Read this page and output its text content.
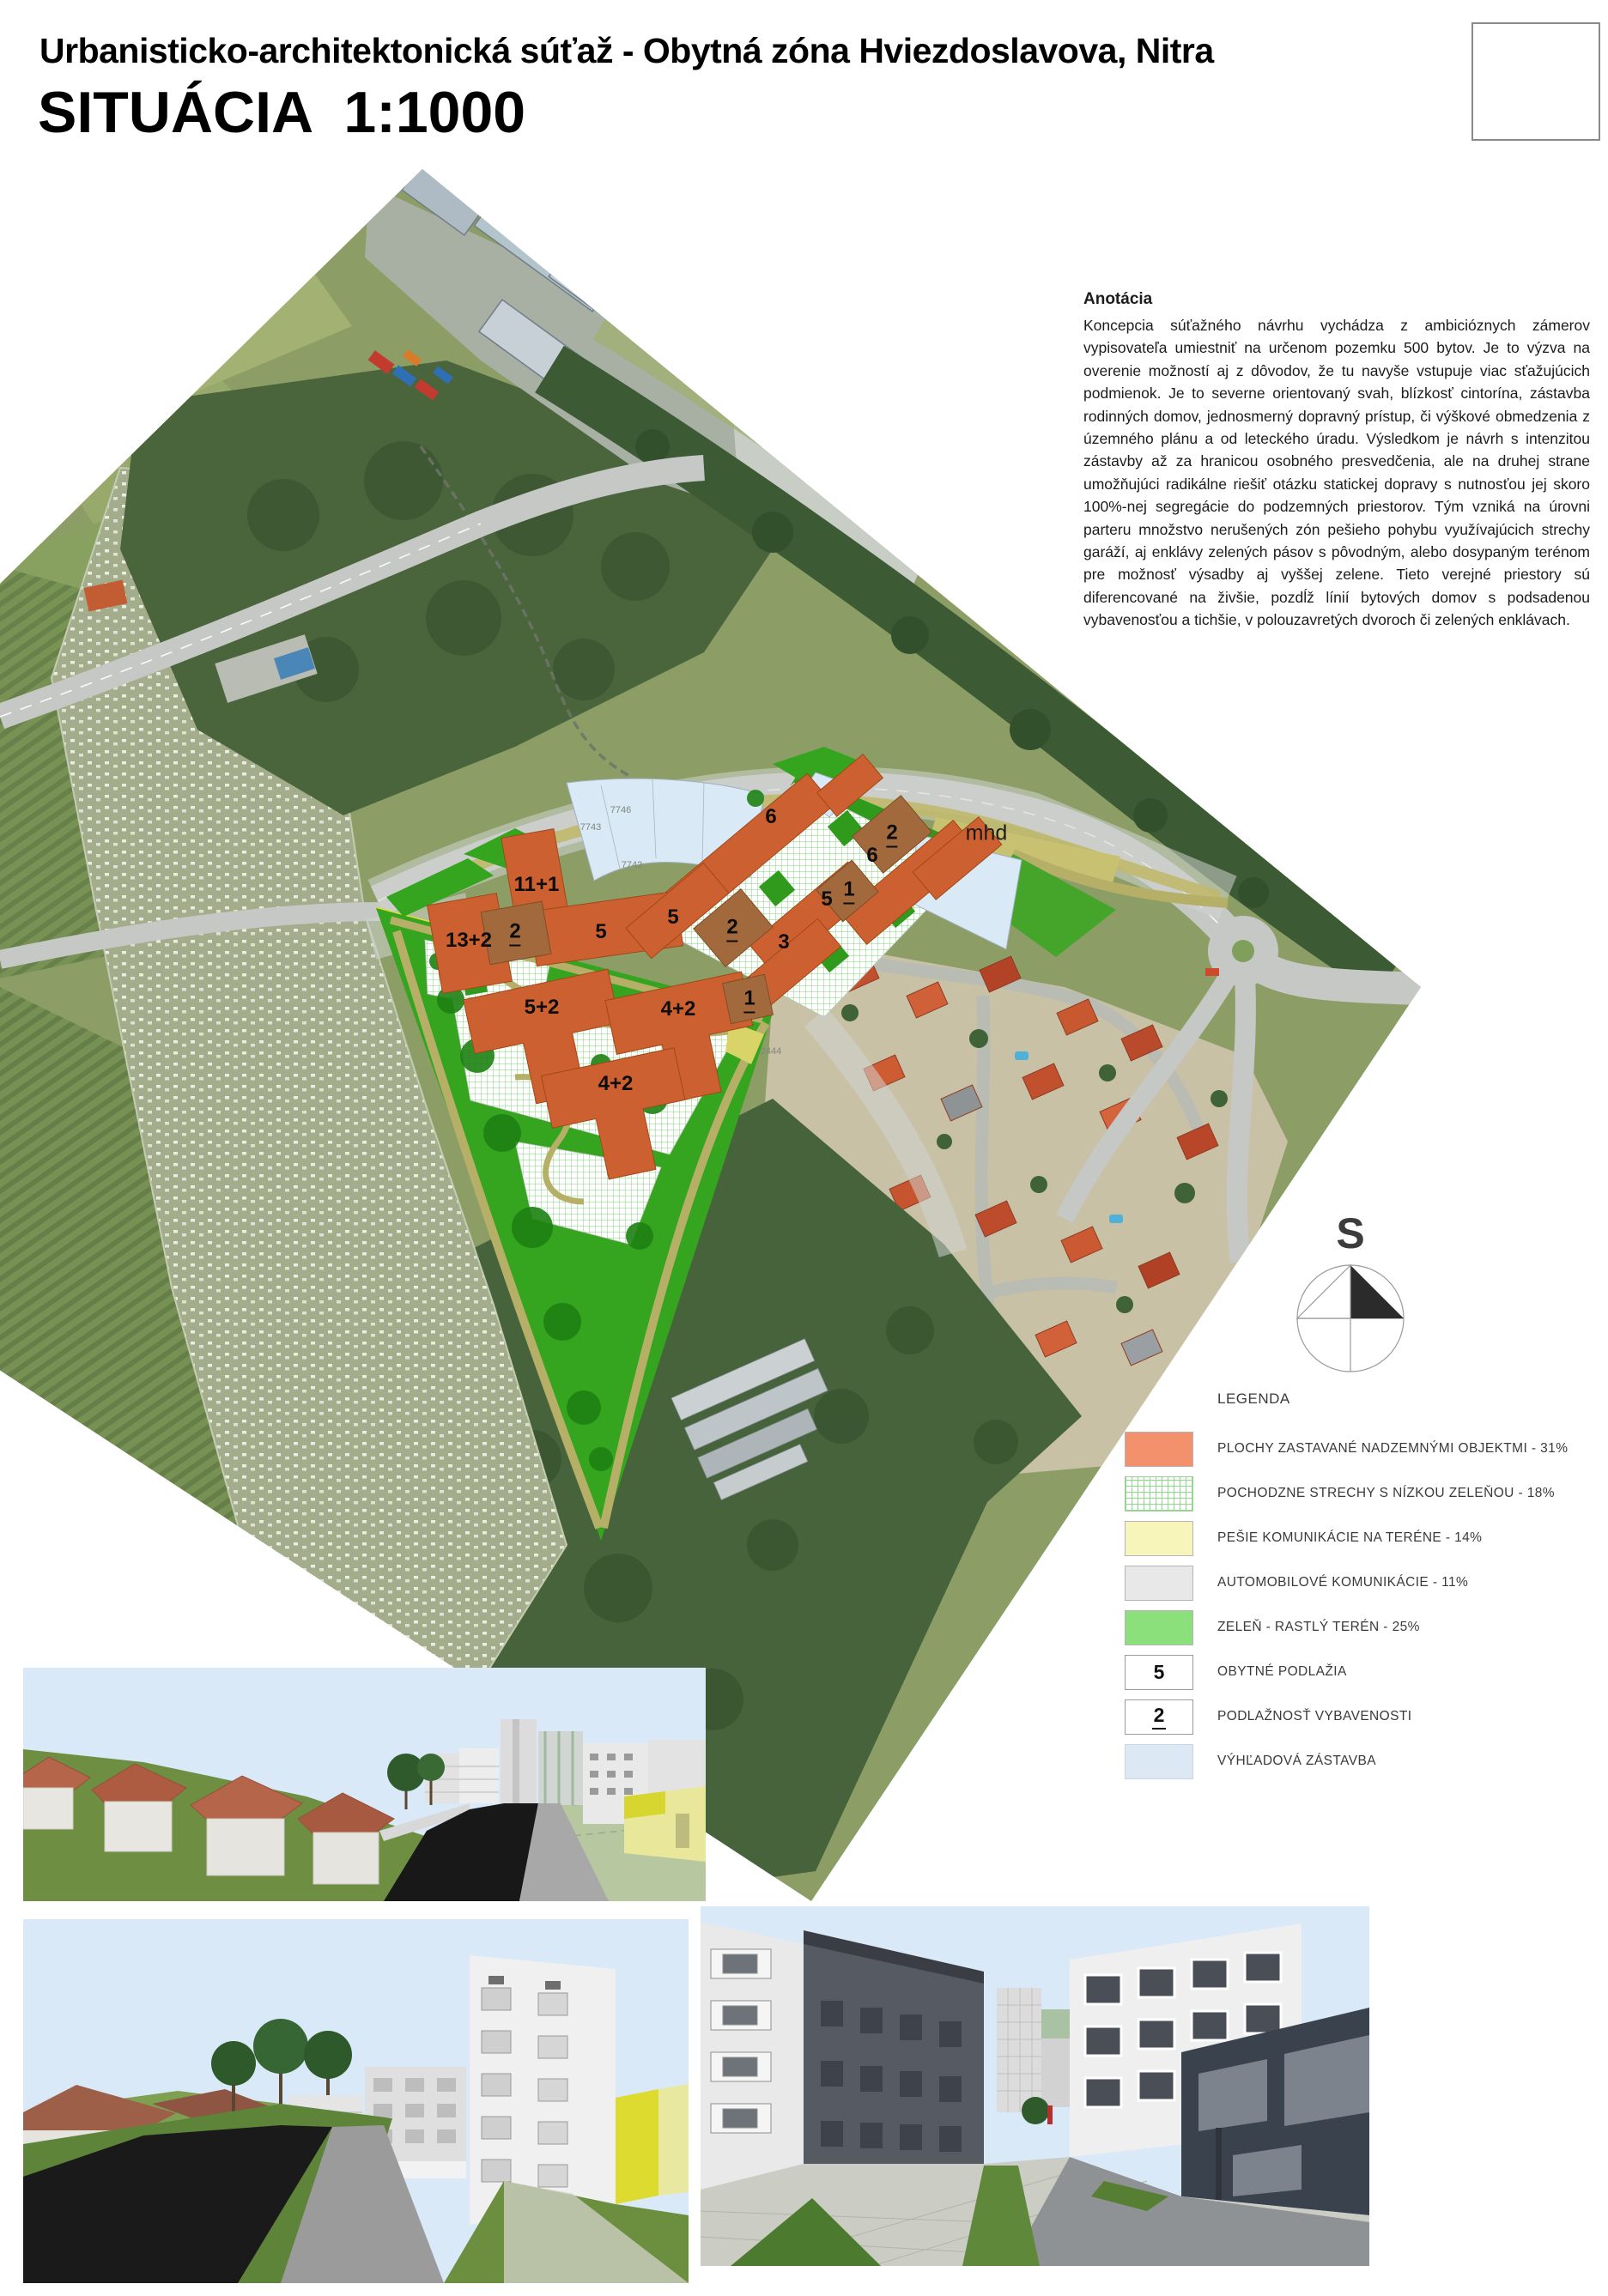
11+1
2
13+2	5
5
6
2
6
1
5
2
3
5+2	4+2 1
4+2
mhd
7746
7743
7742
2444
Urbanisticko-architektonická súťaž - Obytná zóna Hviezdoslavova, Nitra
SITUÁCIA  1:1000
Anotácia

Koncepcia súťažného návrhu vychádza z ambicióznych zámerov vypisovateľa umiestniť na určenom pozemku 500 bytov. Je to výzva na overenie možností aj z dôvodov, že tu navyše vstupuje viac sťažujúcich podmienok. Je to severne orientovaný svah, blízkosť cintorína, zástavba rodinných domov, jednosmerný dopravný prístup, či výškové obmedzenia z územného plánu a od leteckého úradu. Výsledkom je návrh s intenzitou zástavby až za hranicou osobného presvedčenia, ale na druhej strane umožňujúci radikálne riešiť otázku statickej dopravy s nutnosťou jej skoro 100%-nej segregácie do podzemných priestorov. Tým vzniká na úrovni parteru množstvo nerušených zón pešieho pohybu využívajúcich strechy garáží, aj enklávy zelených pásov s pôvodným, alebo dosypaným terénom pre možnosť výsadby aj vyššej zelene. Tieto verejné priestory sú diferencované na živšie, pozdĺž línií bytových domov s podsadenou vybavenosťou a tichšie, v polouzavretých dvoroch či zelených enklávach.

S
LEGENDA
PLOCHY ZASTAVANÉ NADZEMNÝMI OBJEKTMI - 31%
POCHODZNE STRECHY S NÍZKOU ZELEŇOU - 18%
PEŠIE KOMUNIKÁCIE NA TERÉNE - 14%
AUTOMOBILOVÉ KOMUNIKÁCIE - 11%
ZELEŇ - RASTLÝ TERÉN - 25%
5	OBYTNÉ PODLAŽIA
2	PODLAŽNOSŤ VYBAVENOSTI
VÝHĽADOVÁ ZÁSTAVBA
